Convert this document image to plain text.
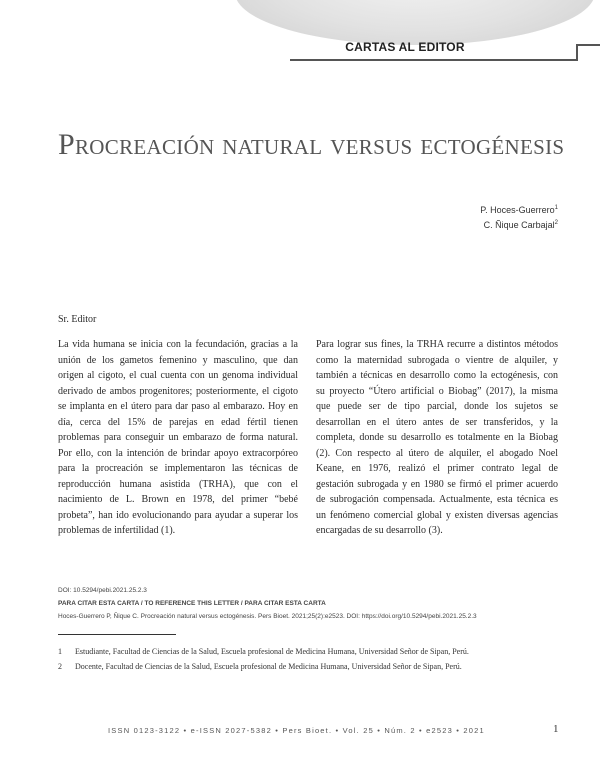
CARTAS AL EDITOR
Procreación natural versus ectogénesis
P. Hoces-Guerrero$^1$
C. Ñique Carbajal$^2$
Sr. Editor
La vida humana se inicia con la fecundación, gracias a la unión de los gametos femenino y masculino, que dan origen al cigoto, el cual cuenta con un genoma individual derivado de ambos progenitores; posteriormente, el cigoto se implanta en el útero para dar paso al embarazo. Hoy en día, cerca del 15% de parejas en edad fértil tienen problemas para conseguir un embarazo de forma natural. Por ello, con la intención de brindar apoyo extracorpóreo para la procreación se implementaron las técnicas de reproducción humana asistida (TRHA), que con el nacimiento de L. Brown en 1978, del primer “bebé probeta”, han ido evolucionando para ayudar a superar los problemas de infertilidad (1).
Para lograr sus fines, la TRHA recurre a distintos métodos como la maternidad subrogada o vientre de alquiler, y también a técnicas en desarrollo como la ectogénesis, con su proyecto “Útero artificial o Biobag” (2017), la misma que puede ser de tipo parcial, donde los sujetos se desarrollan en el útero antes de ser transferidos, y la completa, donde su desarrollo es totalmente en la Biobag (2). Con respecto al útero de alquiler, el abogado Noel Keane, en 1976, realizó el primer contrato legal de gestación subrogada y en 1980 se firmó el primer acuerdo de subrogación compensada. Actualmente, esta técnica es un fenómeno comercial global y existen diversas agencias encargadas de su desarrollo (3).
DOI: 10.5294/pebi.2021.25.2.3
PARA CITAR ESTA CARTA / TO REFERENCE THIS LETTER / PARA CITAR ESTA CARTA
Hoces-Guerrero P, Ñique C. Procreación natural versus ectogénesis. Pers Bioet. 2021;25(2):e2523. DOI: https://doi.org/10.5294/pebi.2021.25.2.3
1 Estudiante, Facultad de Ciencias de la Salud, Escuela profesional de Medicina Humana, Universidad Señor de Sipan, Perú.
2 Docente, Facultad de Ciencias de la Salud, Escuela profesional de Medicina Humana, Universidad Señor de Sipan, Perú.
ISSN 0123-3122 • e-ISSN 2027-5382 • Pers Bioet. • Vol. 25 • Núm. 2 • e2523 • 2021	1
